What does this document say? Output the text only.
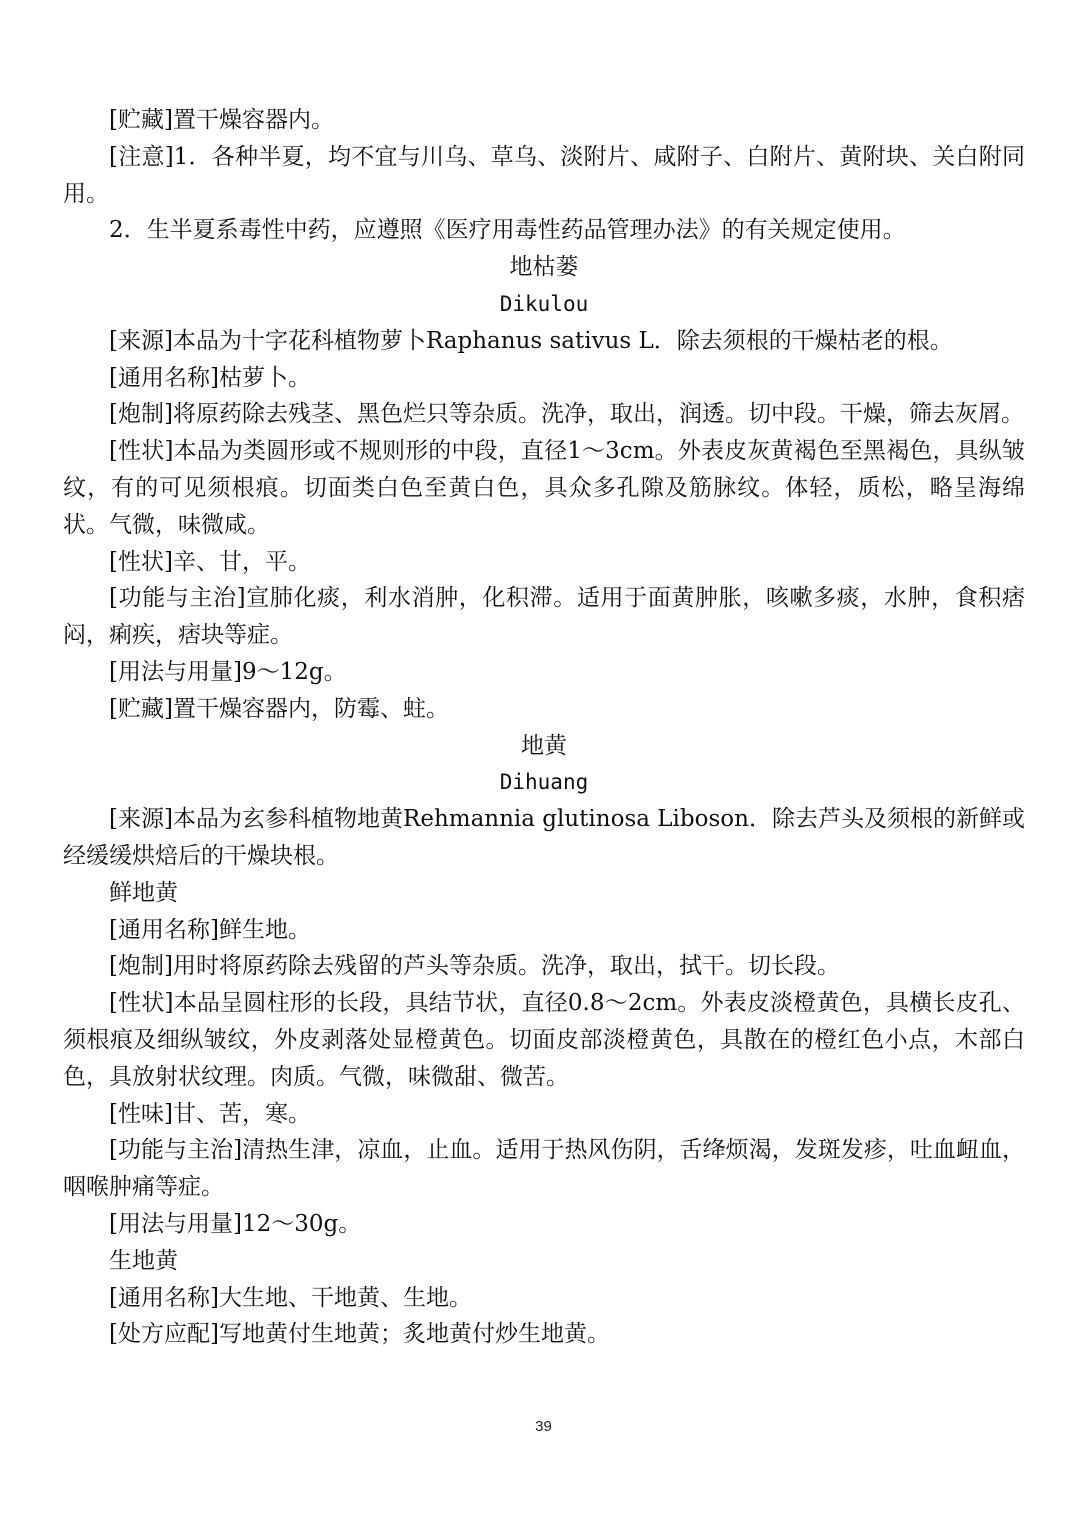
[贮藏]置干燥容器内。

[注意]1．各种半夏，均不宜与川乌、草乌、淡附片、咸附子、白附片、黄附块、关白附同用。

2．生半夏系毒性中药，应遵照《医疗用毒性药品管理办法》的有关规定使用。

地枯蒌

Dikulou

[来源]本品为十字花科植物萝卜Raphanus sativus L．除去须根的干燥枯老的根。

[通用名称]枯萝卜。

[炮制]将原药除去残茎、黑色烂只等杂质。洗净，取出，润透。切中段。干燥，筛去灰屑。

[性状]本品为类圆形或不规则形的中段，直径1～3cm。外表皮灰黄褐色至黑褐色，具纵皱纹，有的可见须根痕。切面类白色至黄白色，具众多孔隙及筋脉纹。体轻，质松，略呈海绵状。气微，味微咸。

[性状]辛、甘，平。

[功能与主治]宣肺化痰，利水消肿，化积滞。适用于面黄肿胀，咳嗽多痰，水肿，食积痞闷，痢疾，痞块等症。

[用法与用量]9～12g。

[贮藏]置干燥容器内，防霉、蛀。

地黄

Dihuang

[来源]本品为玄参科植物地黄Rehmannia glutinosa Liboson．除去芦头及须根的新鲜或经缓缓烘焙后的干燥块根。

鲜地黄

[通用名称]鲜生地。

[炮制]用时将原药除去残留的芦头等杂质。洗净，取出，拭干。切长段。

[性状]本品呈圆柱形的长段，具结节状，直径0.8～2cm。外表皮淡橙黄色，具横长皮孔、须根痕及细纵皱纹，外皮剥落处显橙黄色。切面皮部淡橙黄色，具散在的橙红色小点，木部白色，具放射状纹理。肉质。气微，味微甜、微苦。

[性味]甘、苦，寒。

[功能与主治]清热生津，凉血，止血。适用于热风伤阴，舌绛烦渴，发斑发疹，吐血衄血，咽喉肿痛等症。

[用法与用量]12～30g。

生地黄

[通用名称]大生地、干地黄、生地。

[处方应配]写地黄付生地黄；炙地黄付炒生地黄。

39
